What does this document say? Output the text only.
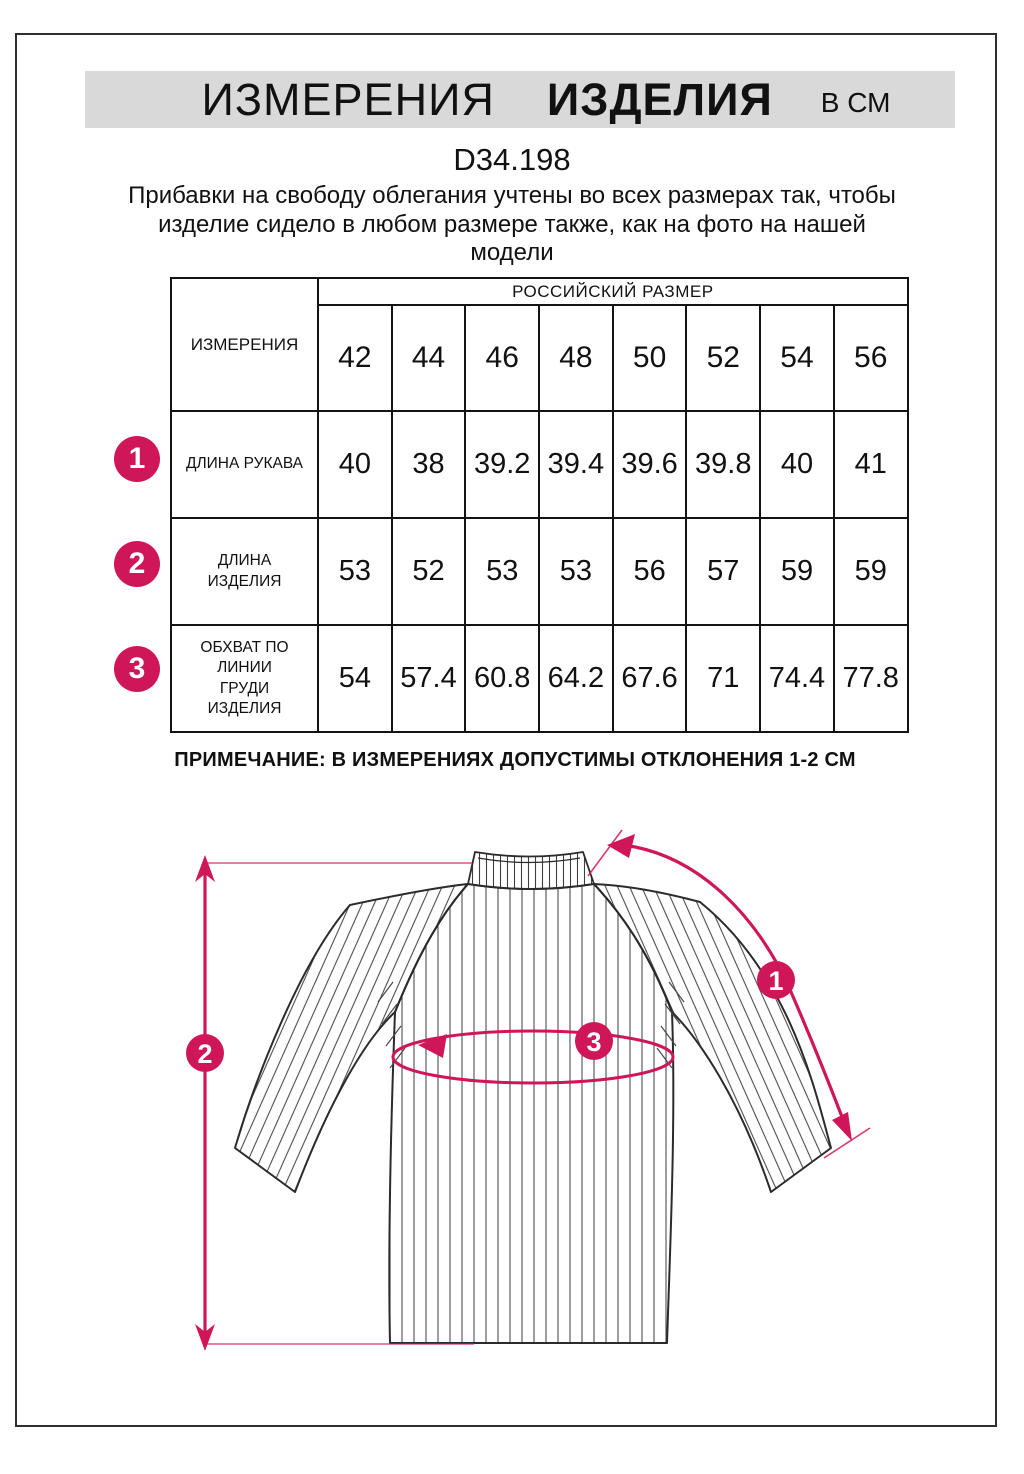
ИЗМЕРЕНИЯ ИЗДЕЛИЯ В СМ
D34.198
Прибавки на свободу облегания учтены во всех размерах так, чтобы
изделие сидело в любом размере также, как на фото на нашей
модели
ИЗМЕРЕНИЯ	РОССИЙСКИЙ РАЗМЕР							
	42	44	46	48	50	52	54	56
ДЛИНА РУКАВА	40	38	39.2	39.4	39.6	39.8	40	41
ДЛИНА ИЗДЕЛИЯ	53	52	53	53	56	57	59	59
ОБХВАТ ПО ЛИНИИ ГРУДИ ИЗДЕЛИЯ	54	57.4	60.8	64.2	67.6	71	74.4	77.8
1
2
3
ПРИМЕЧАНИЕ: В ИЗМЕРЕНИЯХ ДОПУСТИМЫ ОТКЛОНЕНИЯ 1-2 СМ
2
1
3
